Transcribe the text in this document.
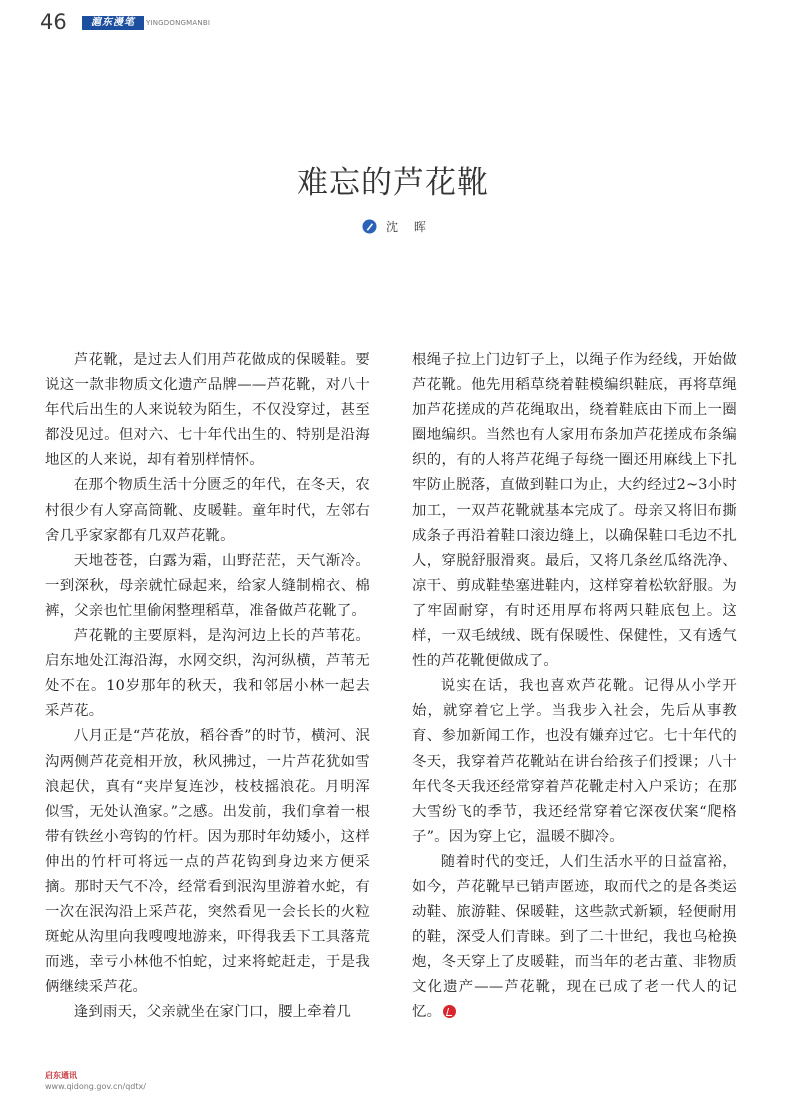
46	滬东漫笔	YINGDONGMANBI
难忘的芦花靴
沈 晖

芦花靴，是过去人们用芦花做成的保暖鞋。要说这一款非物质文化遗产品牌——芦花靴，对八十年代后出生的人来说较为陌生，不仅没穿过，甚至都没见过。但对六、七十年代出生的、特别是沿海地区的人来说，却有着别样情怀。

在那个物质生活十分匮乏的年代，在冬天，农村很少有人穿高筒靴、皮暖鞋。童年时代，左邻右舍几乎家家都有几双芦花靴。

天地苍苍，白露为霜，山野茫茫，天气渐冷。一到深秋，母亲就忙碌起来，给家人缝制棉衣、棉裤，父亲也忙里偷闲整理稻草，准备做芦花靴了。

芦花靴的主要原料，是沟河边上长的芦苇花。启东地处江海沿海，水网交织，沟河纵横，芦苇无处不在。10岁那年的秋天，我和邻居小林一起去采芦花。

八月正是“芦花放，稻谷香”的时节，横河、泯沟两侧芦花竞相开放，秋风拂过，一片芦花犹如雪浪起伏，真有“夹岸复连沙，枝枝摇浪花。月明浑似雪，无处认渔家。”之感。出发前，我们拿着一根带有铁丝小弯钩的竹杆。因为那时年幼矮小，这样伸出的竹杆可将远一点的芦花钩到身边来方便采摘。那时天气不冷，经常看到泯沟里游着水蛇，有一次在泯沟沿上采芦花，突然看见一会长长的火粒斑蛇从沟里向我嗖嗖地游来，吓得我丢下工具落荒而逃，幸亏小林他不怕蛇，过来将蛇赶走，于是我俩继续采芦花。

逢到雨天，父亲就坐在家门口，腰上牵着几

根绳子拉上门边钉子上，以绳子作为经线，开始做芦花靴。他先用稻草绕着鞋模编织鞋底，再将草绳加芦花搓成的芦花绳取出，绕着鞋底由下而上一圈圈地编织。当然也有人家用布条加芦花搓成布条编织的，有的人将芦花绳子每绕一圈还用麻线上下扎牢防止脱落，直做到鞋口为止，大约经过2~3小时加工，一双芦花靴就基本完成了。母亲又将旧布撕成条子再沿着鞋口滚边缝上，以确保鞋口毛边不扎人，穿脱舒服滑爽。最后，又将几条丝瓜络洗净、凉干、剪成鞋垫塞进鞋内，这样穿着松软舒服。为了牢固耐穿，有时还用厚布将两只鞋底包上。这样，一双毛绒绒、既有保暖性、保健性，又有透气性的芦花靴便做成了。

说实在话，我也喜欢芦花靴。记得从小学开始，就穿着它上学。当我步入社会，先后从事教育、参加新闻工作，也没有嫌弃过它。七十年代的冬天，我穿着芦花靴站在讲台给孩子们授课；八十年代冬天我还经常穿着芦花靴走村入户采访；在那大雪纷飞的季节，我还经常穿着它深夜伏案“爬格子”。因为穿上它，温暖不脚冷。

随着时代的变迁，人们生活水平的日益富裕，如今，芦花靴早已销声匿迹，取而代之的是各类运动鞋、旅游鞋、保暖鞋，这些款式新颖，轻便耐用的鞋，深受人们青睐。到了二十世纪，我也乌枪换炮，冬天穿上了皮暖鞋，而当年的老古董、非物质文化遗产——芦花靴，现在已成了老一代人的记忆。

启东通讯
www.qidong.gov.cn/qdtx/
